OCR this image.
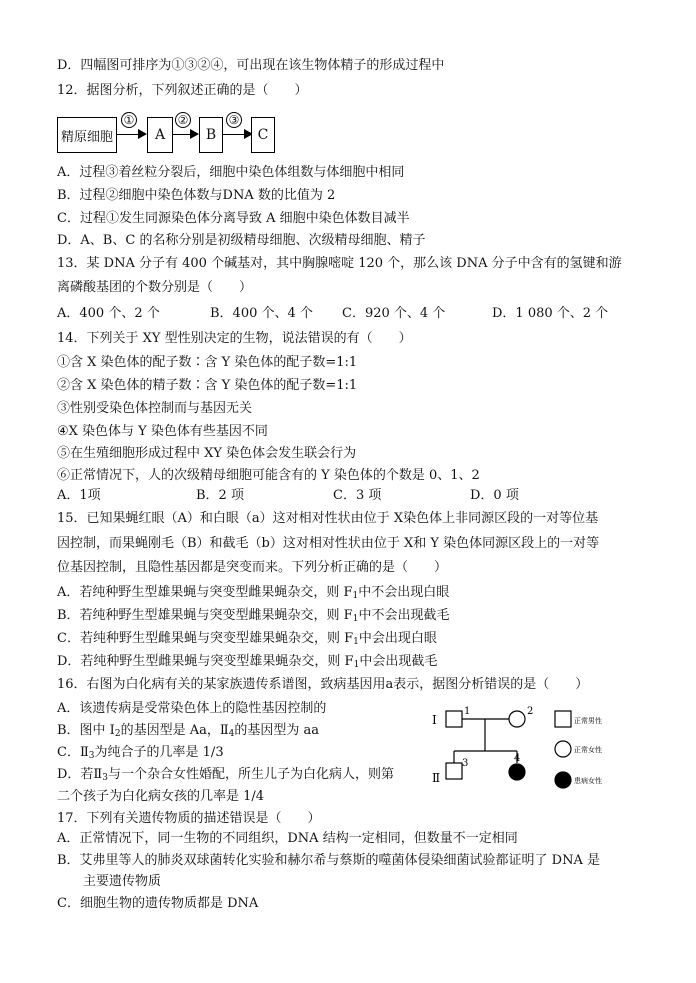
D．四幅图可排序为①③②④，可出现在该生物体精子的形成过程中
12．据图分析，下列叙述正确的是（　　）
精原细胞
①
A
②
B
③
C
A．过程③着丝粒分裂后，细胞中染色体组数与体细胞中相同
B．过程②细胞中染色体数与DNA 数的比值为 2
C．过程①发生同源染色体分离导致 A 细胞中染色体数目减半
D．A、B、C 的名称分别是初级精母细胞、次级精母细胞、精子
13．某 DNA 分子有 400 个碱基对，其中胸腺嘧啶 120 个，那么该 DNA 分子中含有的氢键和游
离磷酸基团的个数分别是（　　）
A．400 个、2 个	B．400 个、4 个 C．920 个、4 个	D．1 080 个、2 个
14．下列关于 XY 型性别决定的生物，说法错误的有（　　）
①含 X 染色体的配子数∶含 Y 染色体的配子数=1:1
②含 X 染色体的精子数∶含 Y 染色体的配子数=1:1
③性别受染色体控制而与基因无关
④X 染色体与 Y 染色体有些基因不同
⑤在生殖细胞形成过程中 XY 染色体会发生联会行为
⑥正常情况下，人的次级精母细胞可能含有的 Y 染色体的个数是 0、1、2
A．1项	B．2 项	C．3 项	D．0 项
15．已知果蝇红眼（A）和白眼（a）这对相对性状由位于 X染色体上非同源区段的一对等位基
因控制，而果蝇刚毛（B）和截毛（b）这对相对性状由位于 X和 Y 染色体同源区段上的一对等
位基因控制，且隐性基因都是突变而来。下列分析正确的是（　　）
A．若纯种野生型雄果蝇与突变型雌果蝇杂交，则 $F_1$中不会出现白眼
B．若纯种野生型雄果蝇与突变型雌果蝇杂交，则 $F_1$中不会出现截毛
C．若纯种野生型雌果蝇与突变型雄果蝇杂交，则 $F_1$中会出现白眼
D．若纯种野生型雌果蝇与突变型雄果蝇杂交，则 $F_1$中会出现截毛
16．右图为白化病有关的某家族遗传系谱图，致病基因用a表示，据图分析错误的是（　　）
A．该遗传病是受常染色体上的隐性基因控制的
B．图中 $I_2$的基因型是 Aa，$Ⅱ_4$的基因型为 aa
C．$Ⅱ_3$为纯合子的几率是 1/3
D．若$Ⅱ_3$与一个杂合女性婚配，所生儿子为白化病人，则第
二个孩子为白化病女孩的几率是 1/4
I
1	2
Ⅱ
3	4
正常男性
正常女性
患病女性
17．下列有关遗传物质的描述错误是（　　）
A．正常情况下，同一生物的不同组织，DNA 结构一定相同，但数量不一定相同
B．艾弗里等人的肺炎双球菌转化实验和赫尔希与蔡斯的噬菌体侵染细菌试验都证明了 DNA 是
主要遗传物质
C．细胞生物的遗传物质都是 DNA
